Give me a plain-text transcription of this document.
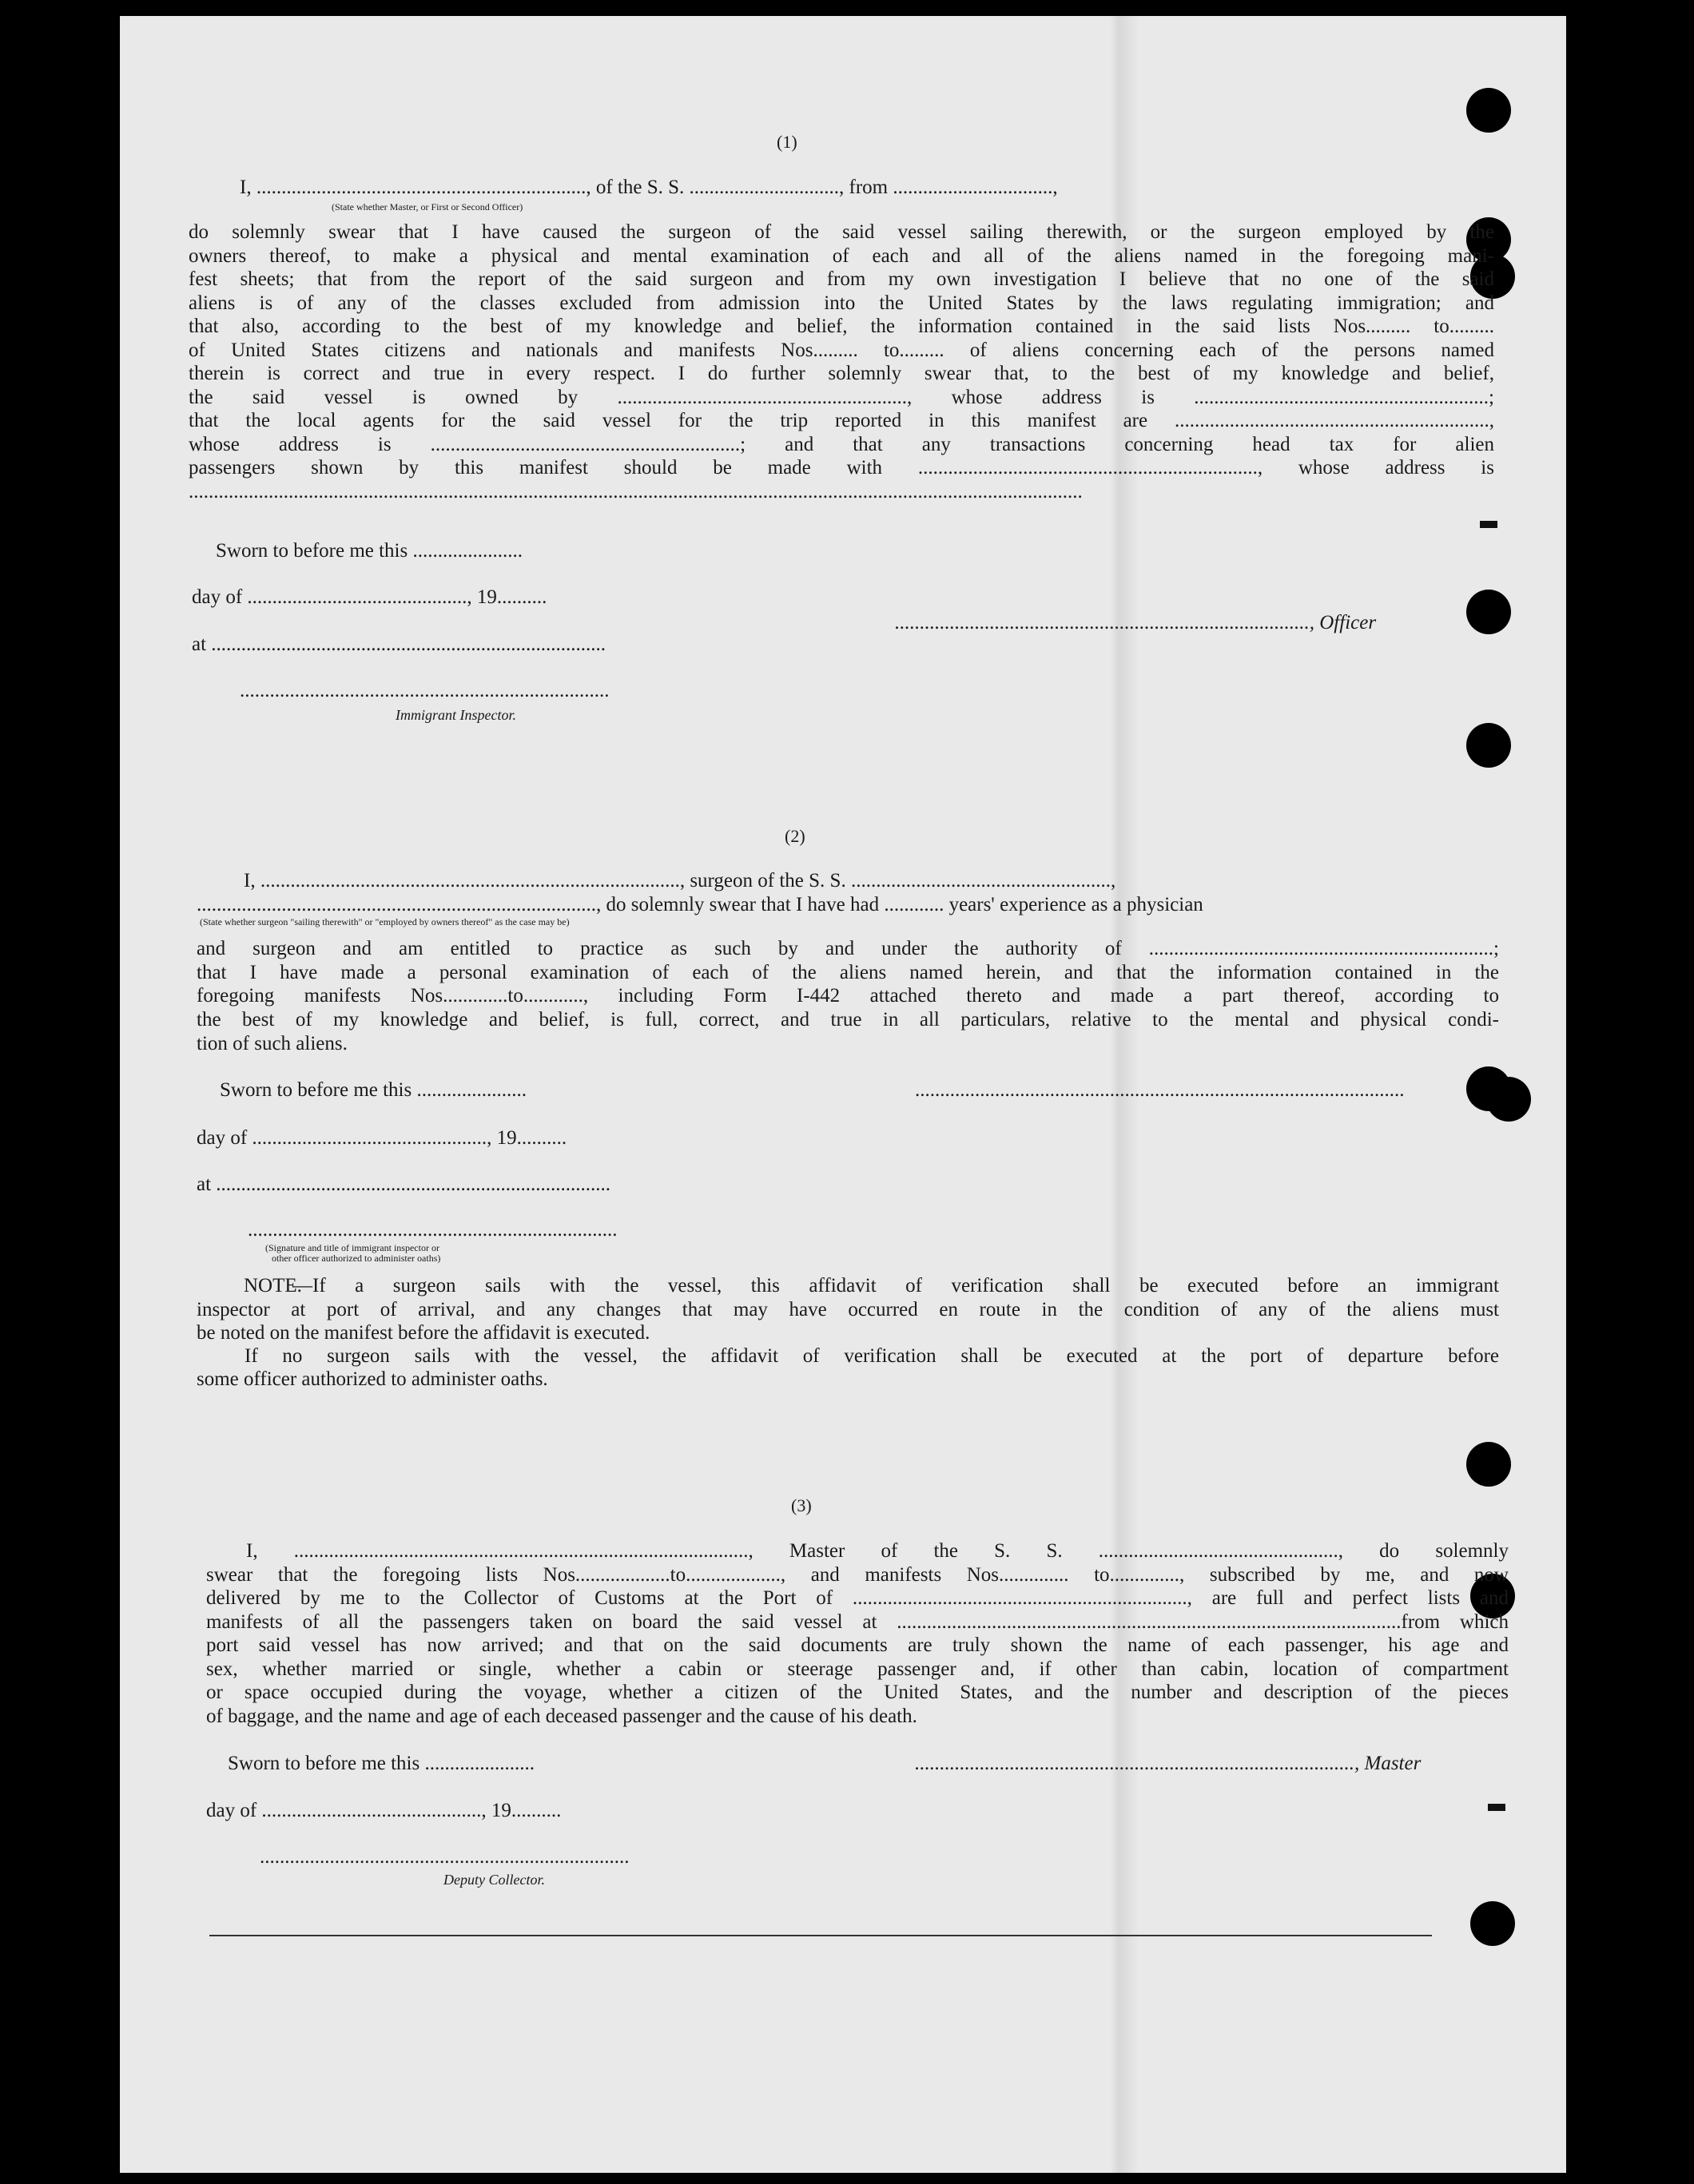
(1)
I, .................................................................., of the S. S. .............................., from ................................,
(State whether Master, or First or Second Officer)
do solemnly swear that I have caused the surgeon of the said vessel sailing therewith, or the surgeon employed by the
owners thereof, to make a physical and mental examination of each and all of the aliens named in the foregoing mani-
fest sheets; that from the report of the said surgeon and from my own investigation I believe that no one of the said
aliens is of any of the classes excluded from admission into the United States by the laws regulating immigration; and
that also, according to the best of my knowledge and belief, the information contained in the said lists Nos......... to.........
of United States citizens and nationals and manifests Nos......... to......... of aliens concerning each of the persons named
therein is correct and true in every respect. I do further solemnly swear that, to the best of my knowledge and belief,
the said vessel is owned by .........................................................., whose address is ...........................................................;
that the local agents for the said vessel for the trip reported in this manifest are ...............................................................,
whose address is ..............................................................; and that any transactions concerning head tax for alien
passengers shown by this manifest should be made with ...................................................................., whose address is
...................................................................................................................................................................................
Sworn to before me this ......................
day of ............................................, 19..........
at ...............................................................................
..................................................................................., Officer
..........................................................................
Immigrant Inspector.
(2)
I, ...................................................................................., surgeon of the S. S. ....................................................,
................................................................................, do solemnly swear that I have had ............ years' experience as a physician
(State whether surgeon "sailing therewith" or "employed by owners thereof" as the case may be)
and surgeon and am entitled to practice as such by and under the authority of .....................................................................;
that I have made a personal examination of each of the aliens named herein, and that the information contained in the
foregoing manifests Nos.............to............, including Form I-442 attached thereto and made a part thereof, according to
the best of my knowledge and belief, is full, correct, and true in all particulars, relative to the mental and physical condi-
tion of such aliens.
Sworn to before me this ......................	..................................................................................................
day of ..............................................., 19..........
at ...............................................................................
..........................................................................
(Signature and title of immigrant inspector or
other officer authorized to administer oaths)
NOTE.
—If a surgeon sails with the vessel, this affidavit of verification shall be executed before an immigrant
inspector at port of arrival, and any changes that may have occurred en route in the condition of any of the aliens must
be noted on the manifest before the affidavit is executed.
If no surgeon sails with the vessel, the affidavit of verification shall be executed at the port of departure before
some officer authorized to administer oaths.
(3)
I, ..........................................................................................., Master of the S. S. ................................................, do solemnly
swear that the foregoing lists Nos...................to..................., and manifests Nos.............. to.............., subscribed by me, and now
delivered by me to the Collector of Customs at the Port of ..................................................................., are full and perfect lists and
manifests of all the passengers taken on board the said vessel at .....................................................................................................from which
port said vessel has now arrived; and that on the said documents are truly shown the name of each passenger, his age and
sex, whether married or single, whether a cabin or steerage passenger and, if other than cabin, location of compartment
or space occupied during the voyage, whether a citizen of the United States, and the number and description of the pieces
of baggage, and the name and age of each deceased passenger and the cause of his death.
Sworn to before me this ......................	........................................................................................, Master
day of ............................................, 19..........
..........................................................................
Deputy Collector.
